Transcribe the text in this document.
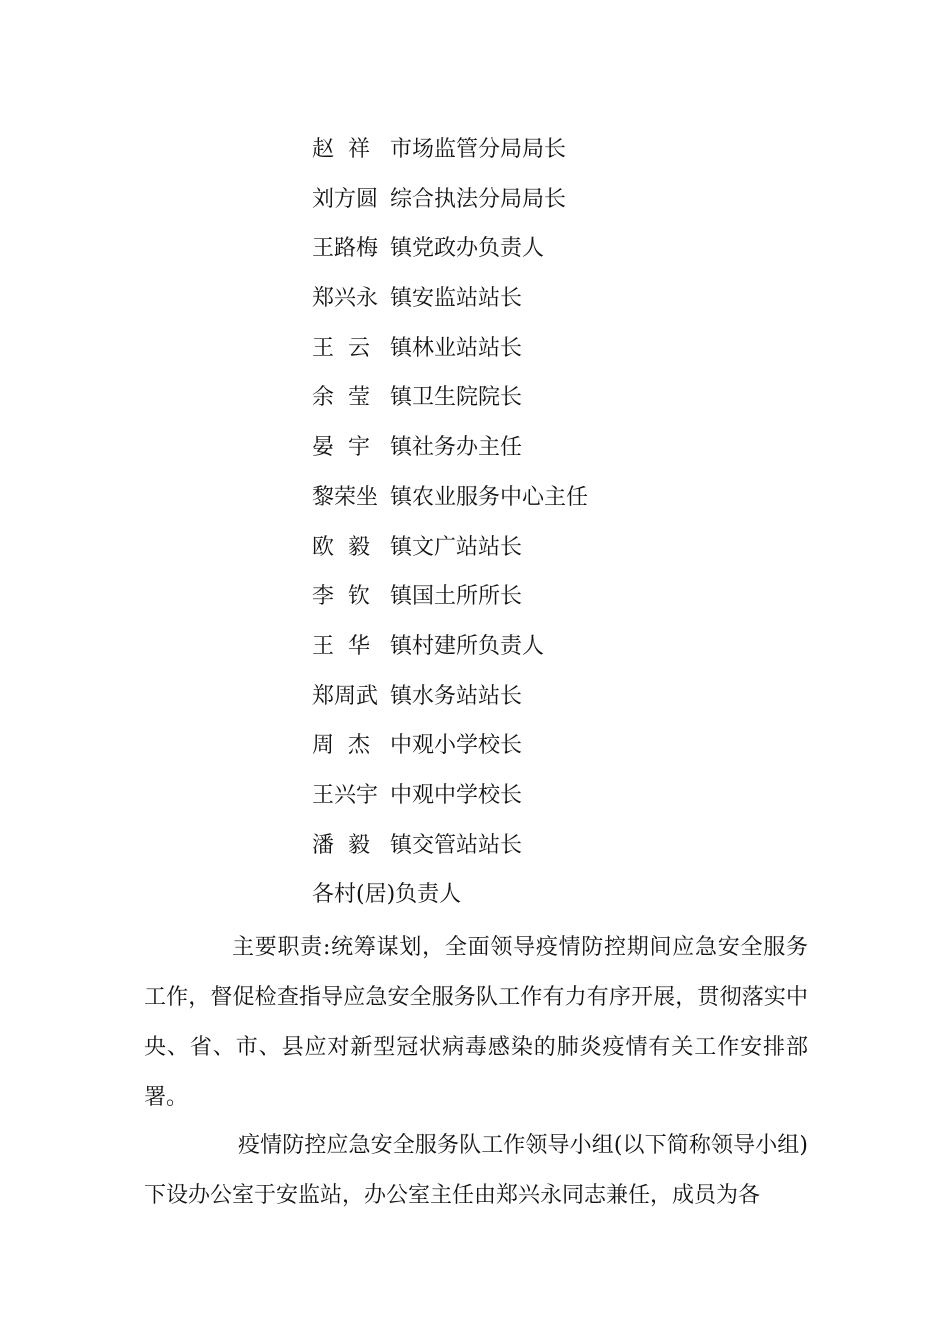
赵  祥 市场监管分局局长
刘方圆 综合执法分局局长
王路梅 镇党政办负责人
郑兴永 镇安监站站长
王  云 镇林业站站长
余  莹 镇卫生院院长
晏  宇 镇社务办主任
黎荣坐 镇农业服务中心主任
欧  毅 镇文广站站长
李  钦 镇国土所所长
王  华 镇村建所负责人
郑周武 镇水务站站长
周  杰 中观小学校长
王兴宇 中观中学校长
潘  毅 镇交管站站长
各村(居)负责人

主要职责:统筹谋划，全面领导疫情防控期间应急安全服务工作，督促检查指导应急安全服务队工作有力有序开展，贯彻落实中央、省、市、县应对新型冠状病毒感染的肺炎疫情有关工作安排部署。

疫情防控应急安全服务队工作领导小组(以下简称领导小组)下设办公室于安监站，办公室主任由郑兴永同志兼任，成员为各
